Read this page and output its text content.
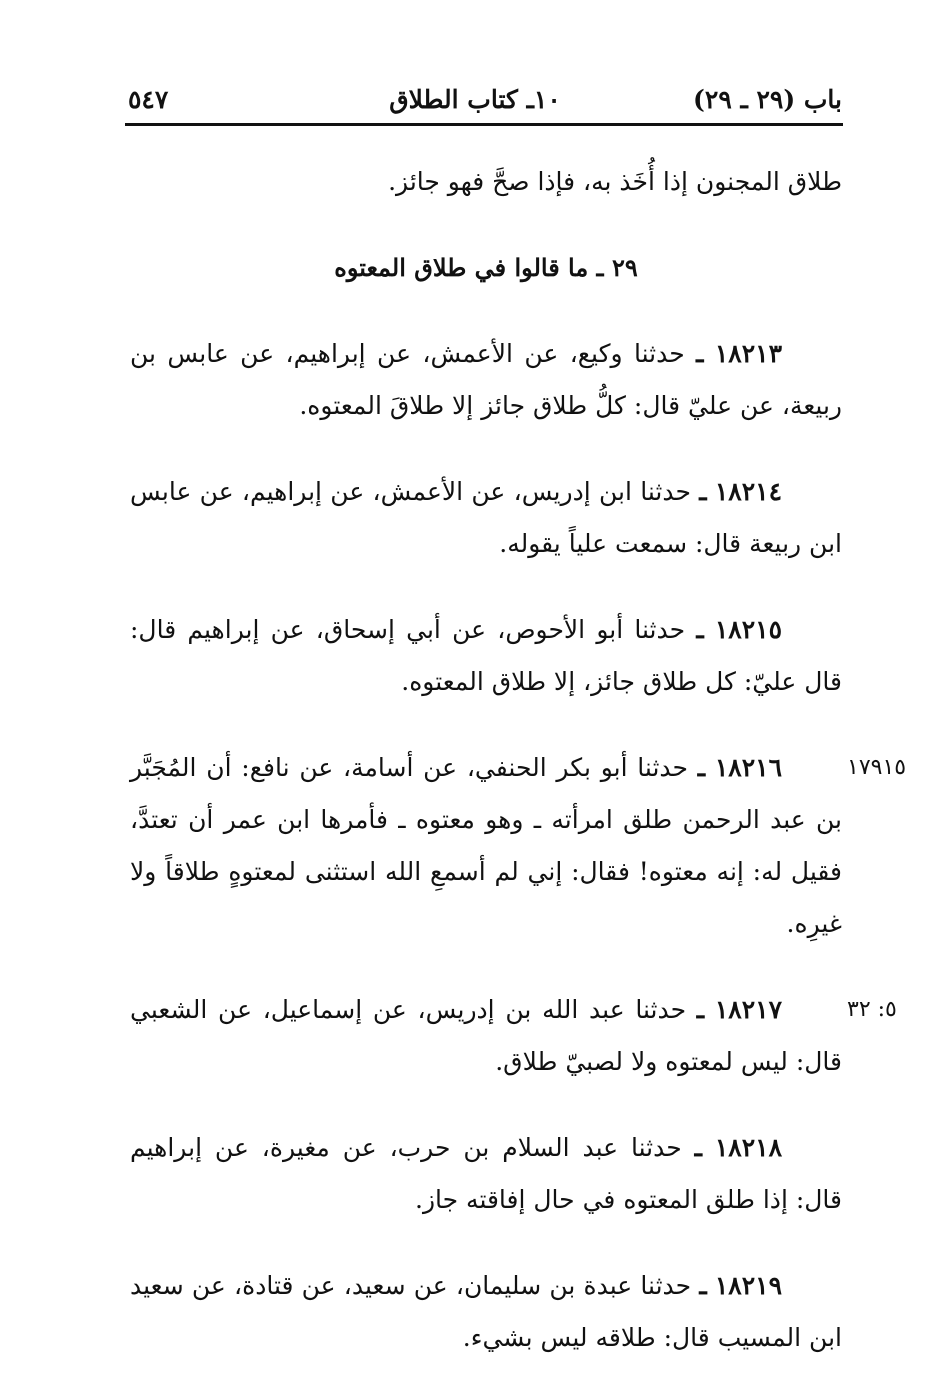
باب (٢٩ ـ ٢٩)
١٠ـ كتاب الطلاق
٥٤٧

طلاق المجنون إذا أُخَذ به، فإذا صحَّ فهو جائز.

٢٩ ـ ما قالوا في طلاق المعتوه

١٨٢١٣ ـ حدثنا وكيع، عن الأعمش، عن إبراهيم، عن عابس بن ربيعة، عن عليّ قال: كلُّ طلاق جائز إلا طلاقَ المعتوه.

١٨٢١٤ ـ حدثنا ابن إدريس، عن الأعمش، عن إبراهيم، عن عابس ابن ربيعة قال: سمعت علياً يقوله.

١٨٢١٥ ـ حدثنا أبو الأحوص، عن أبي إسحاق، عن إبراهيم قال: قال عليّ: كل طلاق جائز، إلا طلاق المعتوه.

١٧٩١٥

١٨٢١٦ ـ حدثنا أبو بكر الحنفي، عن أسامة، عن نافع: أن المُجَبَّر بن عبد الرحمن طلق امرأته ـ وهو معتوه ـ فأمرها ابن عمر أن تعتدَّ، فقيل له: إنه معتوه! فقال: إني لم أسمعِ الله استثنى لمعتوهٍ طلاقاً ولا غيرِه.

٥: ٣٢

١٨٢١٧ ـ حدثنا عبد الله بن إدريس، عن إسماعيل، عن الشعبي قال: ليس لمعتوه ولا لصبيّ طلاق.

١٨٢١٨ ـ حدثنا عبد السلام بن حرب، عن مغيرة، عن إبراهيم قال: إذا طلق المعتوه في حال إفاقته جاز.

١٨٢١٩ ـ حدثنا عبدة بن سليمان، عن سعيد، عن قتادة، عن سعيد ابن المسيب قال: طلاقه ليس بشيء.
